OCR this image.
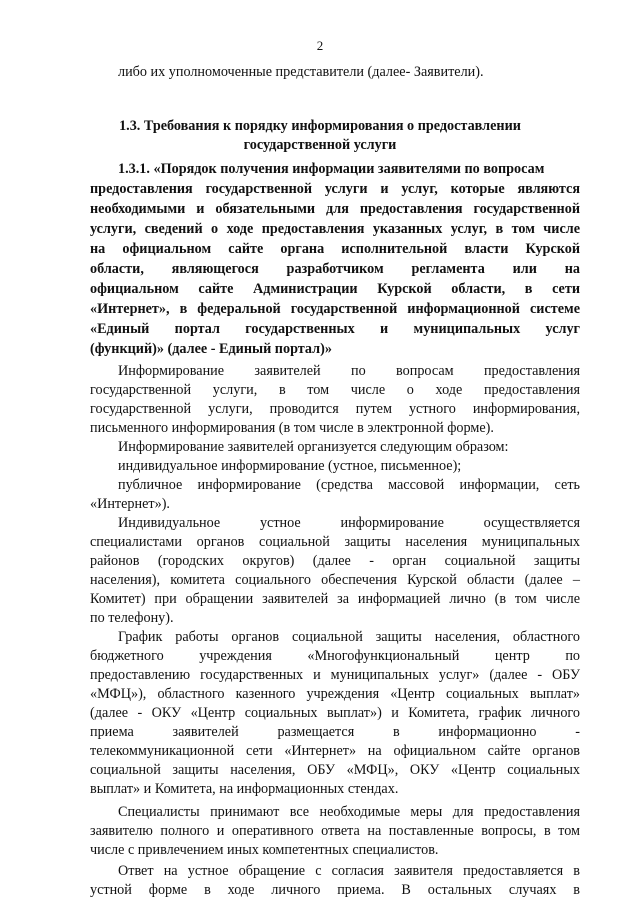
2
либо их уполномоченные представители (далее- Заявители).
1.3. Требования к порядку информирования о предоставлении
государственной услуги
1.3.1. «Порядок получения информации заявителями по вопросам
предоставления государственной услуги и услуг, которые являются
необходимыми и обязательными для предоставления государственной
услуги, сведений о ходе предоставления указанных услуг, в том числе
на официальном сайте органа исполнительной власти Курской
области, являющегося разработчиком регламента или на
официальном сайте Администрации Курской области, в сети
«Интернет», в федеральной государственной информационной системе
«Единый портал государственных и муниципальных услуг
(функций)» (далее - Единый портал)»
Информирование заявителей по вопросам предоставления
государственной услуги, в том числе о ходе предоставления
государственной услуги, проводится путем устного информирования,
письменного информирования (в том числе в электронной форме).
Информирование заявителей организуется следующим образом:
индивидуальное информирование (устное, письменное);
публичное информирование (средства массовой информации, сеть
«Интернет»).
Индивидуальное устное информирование осуществляется
специалистами органов социальной защиты населения муниципальных
районов (городских округов) (далее - орган социальной защиты
населения), комитета социального обеспечения Курской области (далее –
Комитет) при обращении заявителей за информацией лично (в том числе
по телефону).
График работы органов социальной защиты населения, областного
бюджетного учреждения «Многофункциональный центр по
предоставлению государственных и муниципальных услуг» (далее - ОБУ
«МФЦ»), областного казенного учреждения «Центр социальных выплат»
(далее - ОКУ «Центр социальных выплат») и Комитета, график личного
приема заявителей размещается в информационно -
телекоммуникационной сети «Интернет» на официальном сайте органов
социальной защиты населения, ОБУ «МФЦ», ОКУ «Центр социальных
выплат» и Комитета, на информационных стендах.
Специалисты принимают все необходимые меры для предоставления
заявителю полного и оперативного ответа на поставленные вопросы, в том
числе с привлечением иных компетентных специалистов.
Ответ на устное обращение с согласия заявителя предоставляется в
устной форме в ходе личного приема. В остальных случаях в
